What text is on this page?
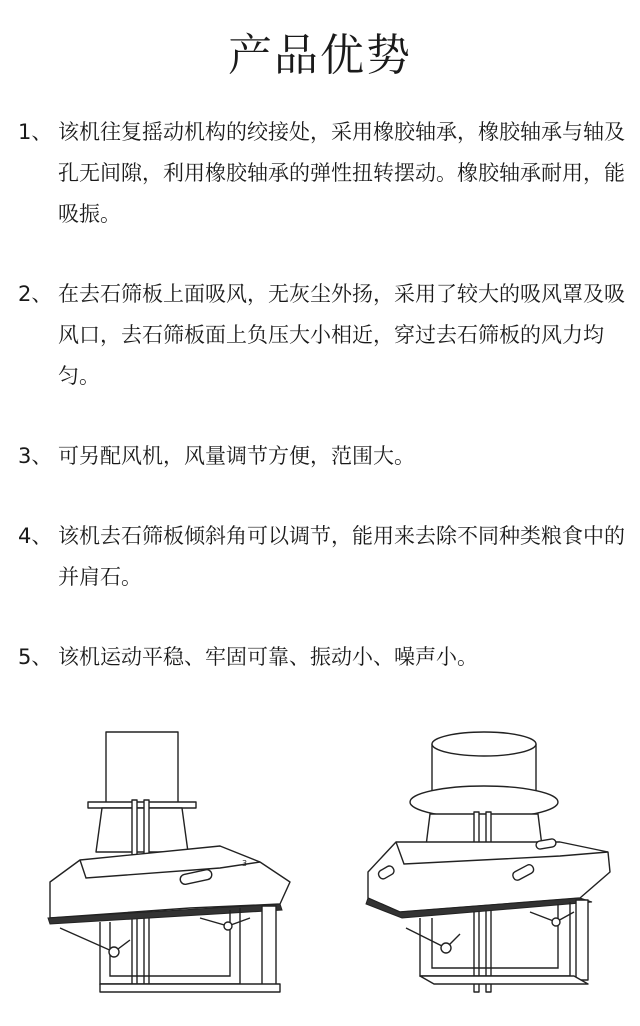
产品优势
1、 该机往复摇动机构的绞接处，采用橡胶轴承，橡胶轴承与轴及孔无间隙，利用橡胶轴承的弹性扭转摆动。橡胶轴承耐用，能吸振。
2、 在去石筛板上面吸风，无灰尘外扬，采用了较大的吸风罩及吸风口，去石筛板面上负压大小相近，穿过去石筛板的风力均匀。
3、 可另配风机，风量调节方便，范围大。
4、 该机去石筛板倾斜角可以调节，能用来去除不同种类粮食中的并肩石。
5、 该机运动平稳、牢固可靠、振动小、噪声小。
3
